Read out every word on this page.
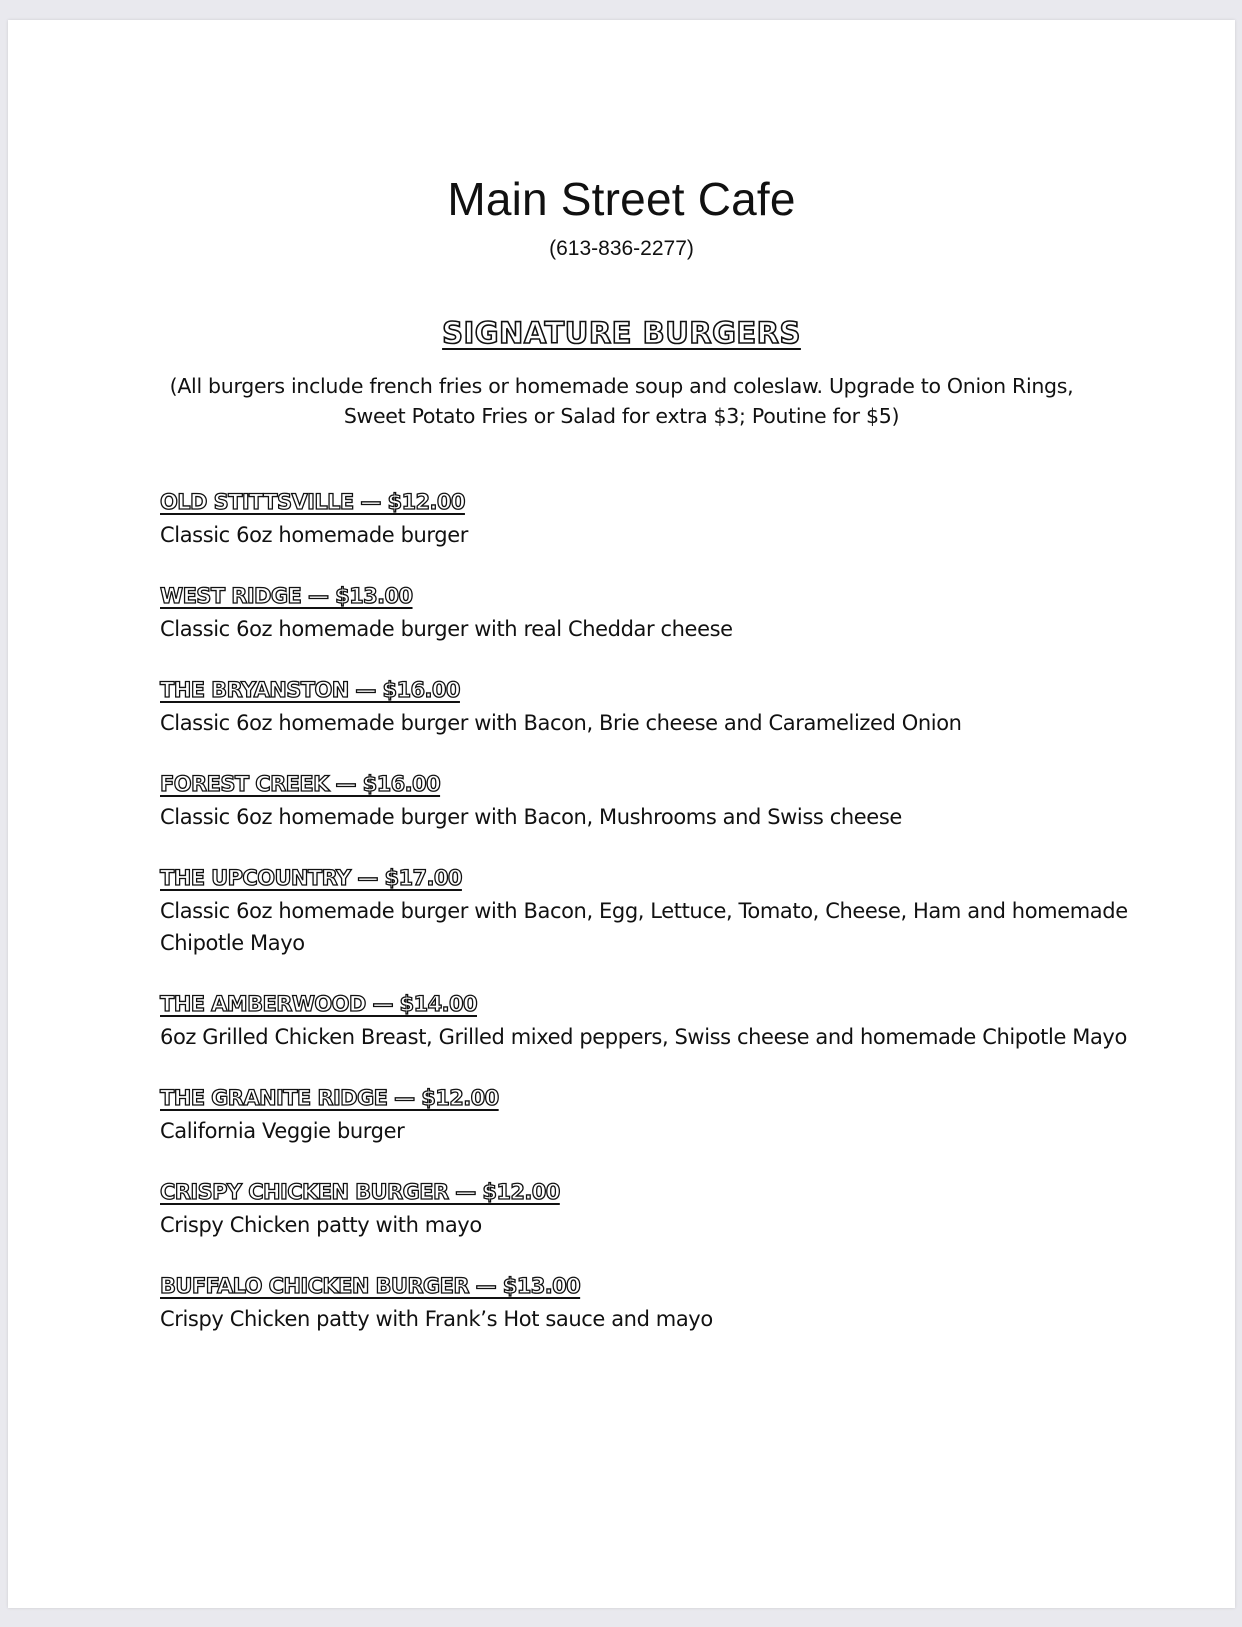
Main Street Cafe
(613-836-2277)
SIGNATURE BURGERS
(All burgers include french fries or homemade soup and coleslaw. Upgrade to Onion Rings, Sweet Potato Fries or Salad for extra $3; Poutine for $5)
OLD STITTSVILLE — $12.00
Classic 6oz homemade burger
WEST RIDGE — $13.00
Classic 6oz homemade burger with real Cheddar cheese
THE BRYANSTON — $16.00
Classic 6oz homemade burger with Bacon, Brie cheese and Caramelized Onion
FOREST CREEK — $16.00
Classic 6oz homemade burger with Bacon, Mushrooms and Swiss cheese
THE UPCOUNTRY — $17.00
Classic 6oz homemade burger with Bacon, Egg, Lettuce, Tomato, Cheese, Ham and homemade Chipotle Mayo
THE AMBERWOOD — $14.00
6oz Grilled Chicken Breast, Grilled mixed peppers, Swiss cheese and homemade Chipotle Mayo
THE GRANITE RIDGE — $12.00
California Veggie burger
CRISPY CHICKEN BURGER — $12.00
Crispy Chicken patty with mayo
BUFFALO CHICKEN BURGER — $13.00
Crispy Chicken patty with Frank’s Hot sauce and mayo
